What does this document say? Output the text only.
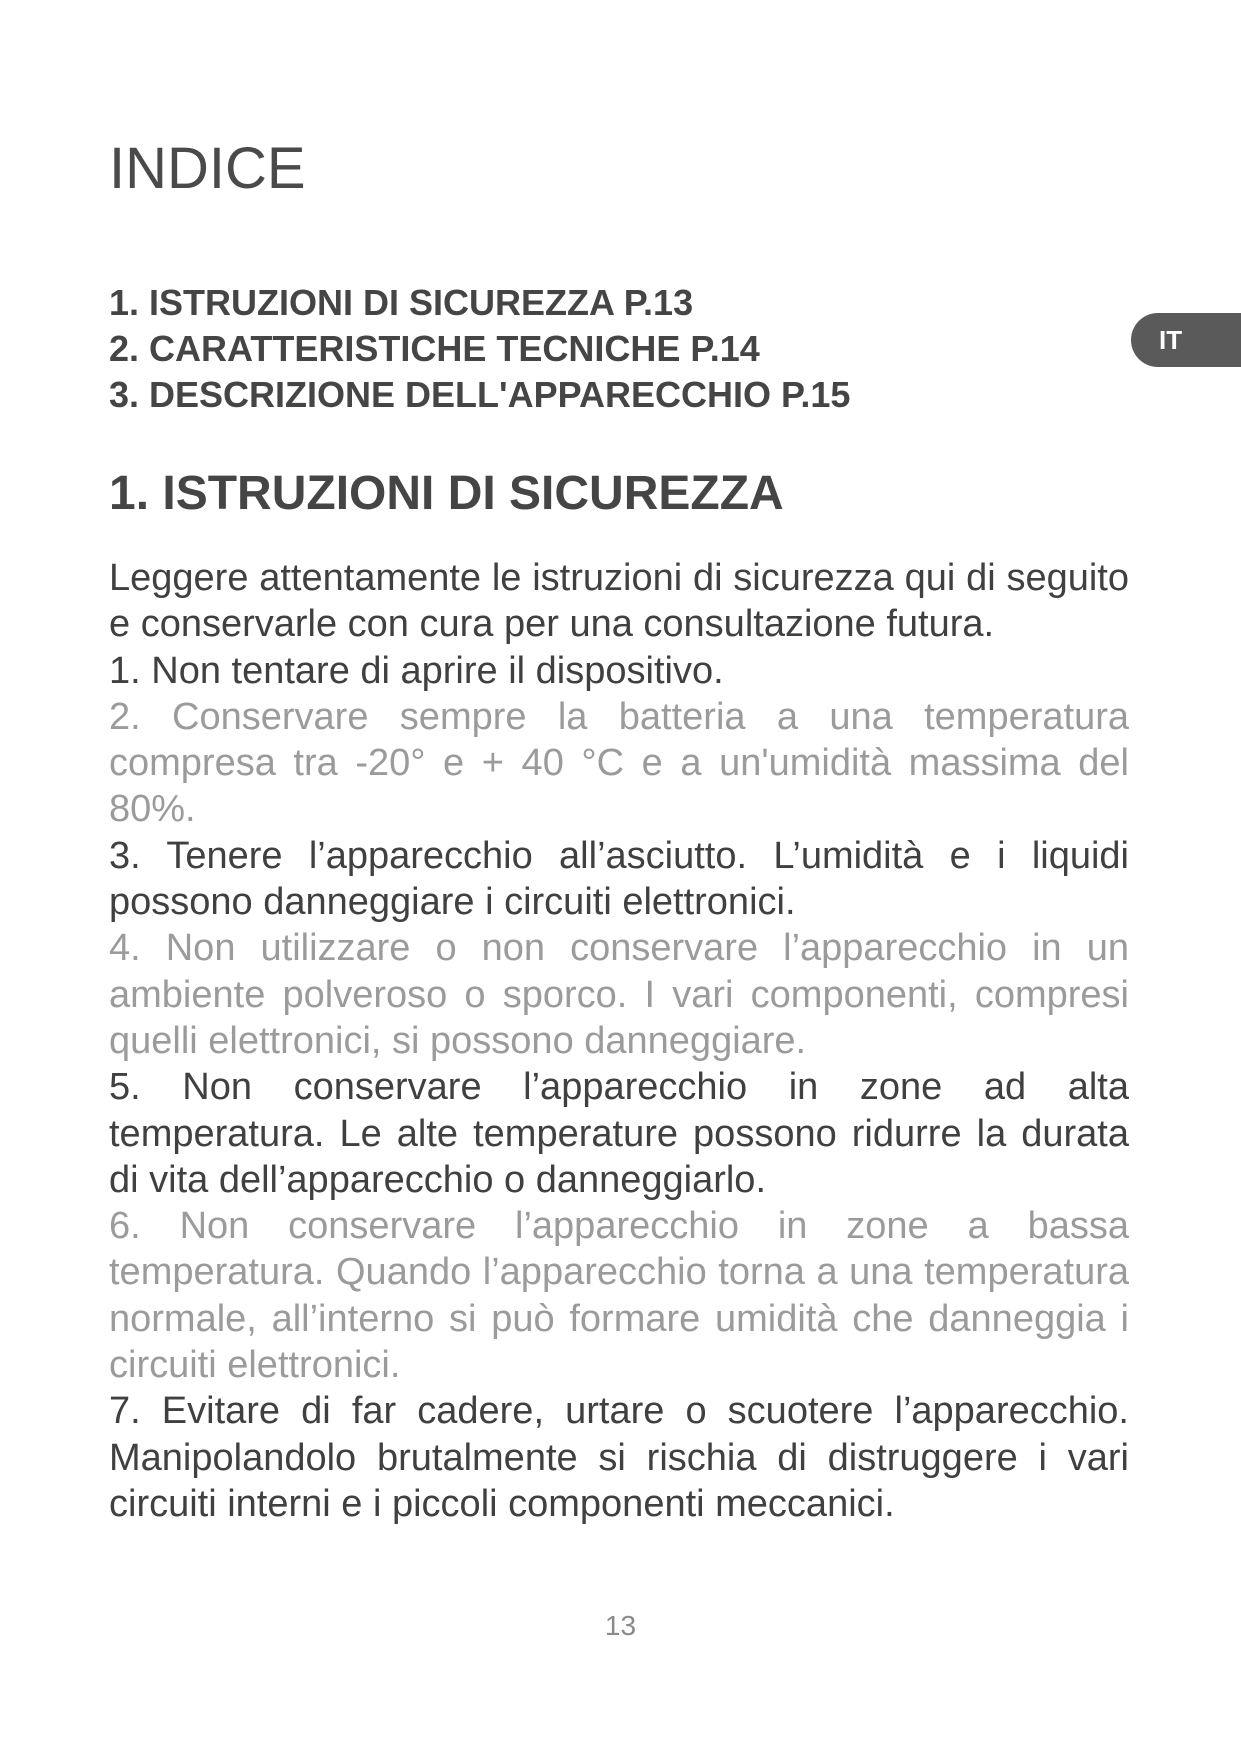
INDICE
1. ISTRUZIONI DI SICUREZZA P.13
2. CARATTERISTICHE TECNICHE P.14
3. DESCRIZIONE DELL'APPARECCHIO P.15
IT
1. ISTRUZIONI DI SICUREZZA

Leggere attentamente le istruzioni di sicurezza qui di seguito e conservarle con cura per una consultazione futura.

1. Non tentare di aprire il dispositivo.

2. Conservare sempre la batteria a una temperatura compresa tra -20° e + 40 °C e a un'umidità massima del 80%.

3. Tenere l’apparecchio all’asciutto. L’umidità e i liquidi possono danneggiare i circuiti elettronici.

4. Non utilizzare o non conservare l’apparecchio in un ambiente polveroso o sporco. I vari componenti, compresi quelli elettronici, si possono danneggiare.

5. Non conservare l’apparecchio in zone ad alta temperatura. Le alte temperature possono ridurre la durata di vita dell’apparecchio o danneggiarlo.

6. Non conservare l’apparecchio in zone a bassa temperatura. Quando l’apparecchio torna a una temperatura normale, all’interno si può formare umidità che danneggia i circuiti elettronici.

7. Evitare di far cadere, urtare o scuotere l’apparecchio. Manipolandolo brutalmente si rischia di distruggere i vari circuiti interni e i piccoli componenti meccanici.

13
